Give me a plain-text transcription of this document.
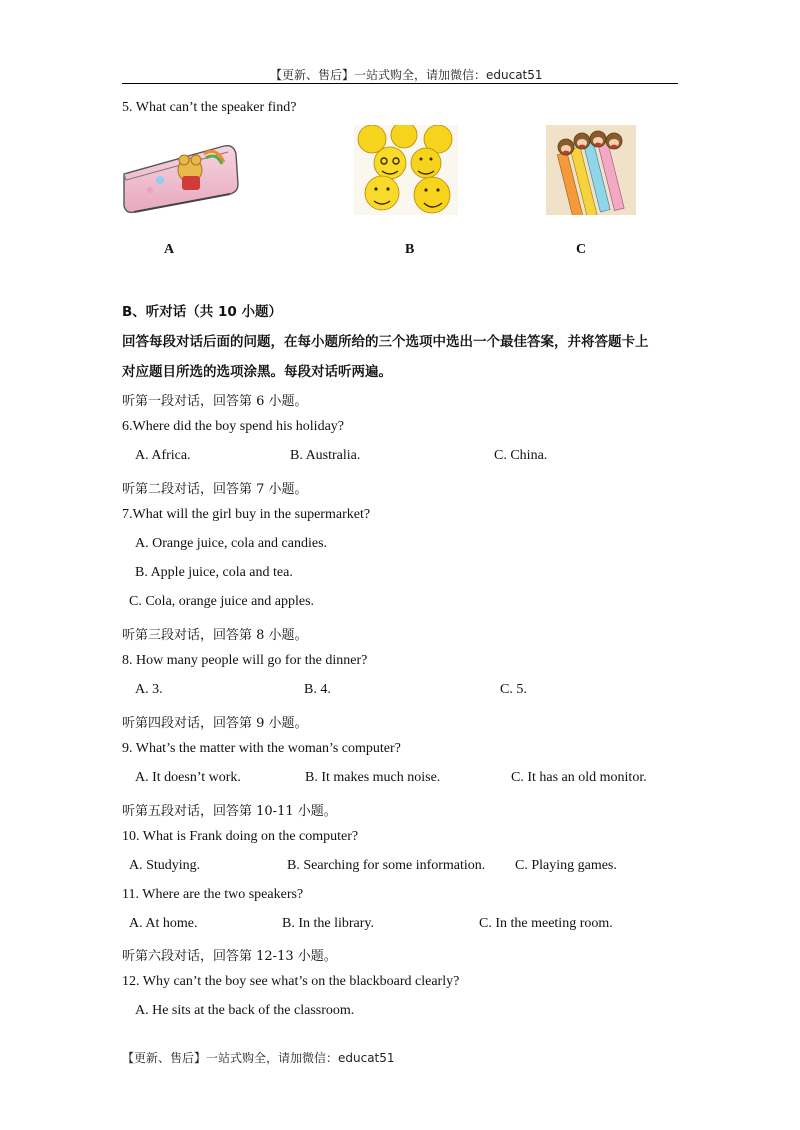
【更新、售后】一站式购全，请加微信：educat51
5. What can’t the speaker find?
A	B	C
B、听对话（共 10 小题）
回答每段对话后面的问题，在每小题所给的三个选项中选出一个最佳答案，并将答题卡上
对应题目所选的选项涂黑。每段对话听两遍。
听第一段对话，回答第 6 小题。
6.Where did the boy spend his holiday?
A. Africa.	B. Australia.	C. China.
听第二段对话，回答第 7 小题。
7.What will the girl buy in the supermarket?
A. Orange juice, cola and candies.
B. Apple juice, cola and tea.
C. Cola, orange juice and apples.
听第三段对话，回答第 8 小题。
8. How many people will go for the dinner?
A. 3.	B. 4.	C. 5.
听第四段对话，回答第 9 小题。
9. What’s the matter with the woman’s computer?
A. It doesn’t work.	B. It makes much noise.	C. It has an old monitor.
听第五段对话，回答第 10-11 小题。
10. What is Frank doing on the computer?
A. Studying.	B. Searching for some information. C. Playing games.
11. Where are the two speakers?
A. At home.	B. In the library.	C. In the meeting room.
听第六段对话，回答第 12-13 小题。
12. Why can’t the boy see what’s on the blackboard clearly?
A. He sits at the back of the classroom.
【更新、售后】一站式购全，请加微信：educat51
